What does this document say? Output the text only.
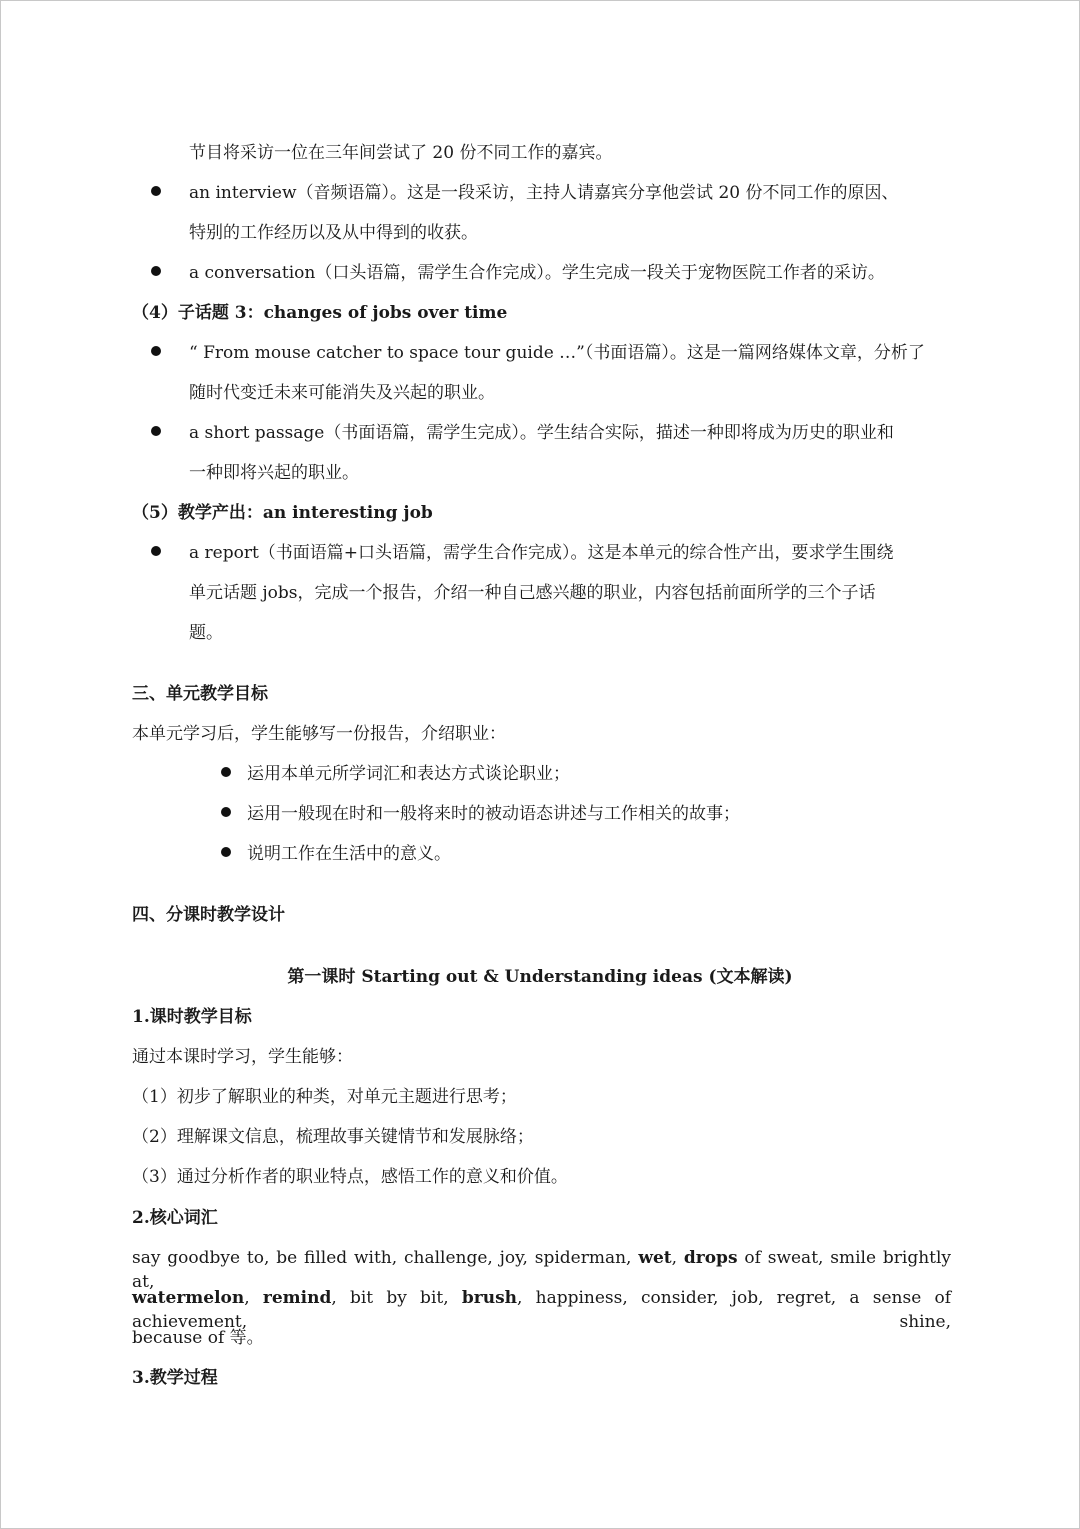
节目将采访一位在三年间尝试了 20 份不同工作的嘉宾。
an interview（音频语篇）。这是一段采访，主持人请嘉宾分享他尝试 20 份不同工作的原因、
特别的工作经历以及从中得到的收获。
a conversation（口头语篇，需学生合作完成）。学生完成一段关于宠物医院工作者的采访。
（4）子话题 3：changes of jobs over time
“ From mouse catcher to space tour guide …”（书面语篇）。这是一篇网络媒体文章，分析了
随时代变迁未来可能消失及兴起的职业。
a short passage（书面语篇，需学生完成）。学生结合实际，描述一种即将成为历史的职业和
一种即将兴起的职业。
（5）教学产出：an interesting job
a report（书面语篇+口头语篇，需学生合作完成）。这是本单元的综合性产出，要求学生围绕
单元话题 jobs，完成一个报告，介绍一种自己感兴趣的职业，内容包括前面所学的三个子话
题。
三、单元教学目标
本单元学习后，学生能够写一份报告，介绍职业：
运用本单元所学词汇和表达方式谈论职业；
运用一般现在时和一般将来时的被动语态讲述与工作相关的故事；
说明工作在生活中的意义。
四、分课时教学设计
第一课时 Starting out & Understanding ideas (文本解读)
1.课时教学目标
通过本课时学习，学生能够：
（1）初步了解职业的种类，对单元主题进行思考；
（2）理解课文信息，梳理故事关键情节和发展脉络；
（3）通过分析作者的职业特点，感悟工作的意义和价值。
2.核心词汇
say goodbye to, be filled with, challenge, joy, spiderman, wet, drops of sweat, smile brightly at,
watermelon, remind, bit by bit, brush, happiness, consider, job, regret, a sense of achievement, shine,
because of 等。
3.教学过程
